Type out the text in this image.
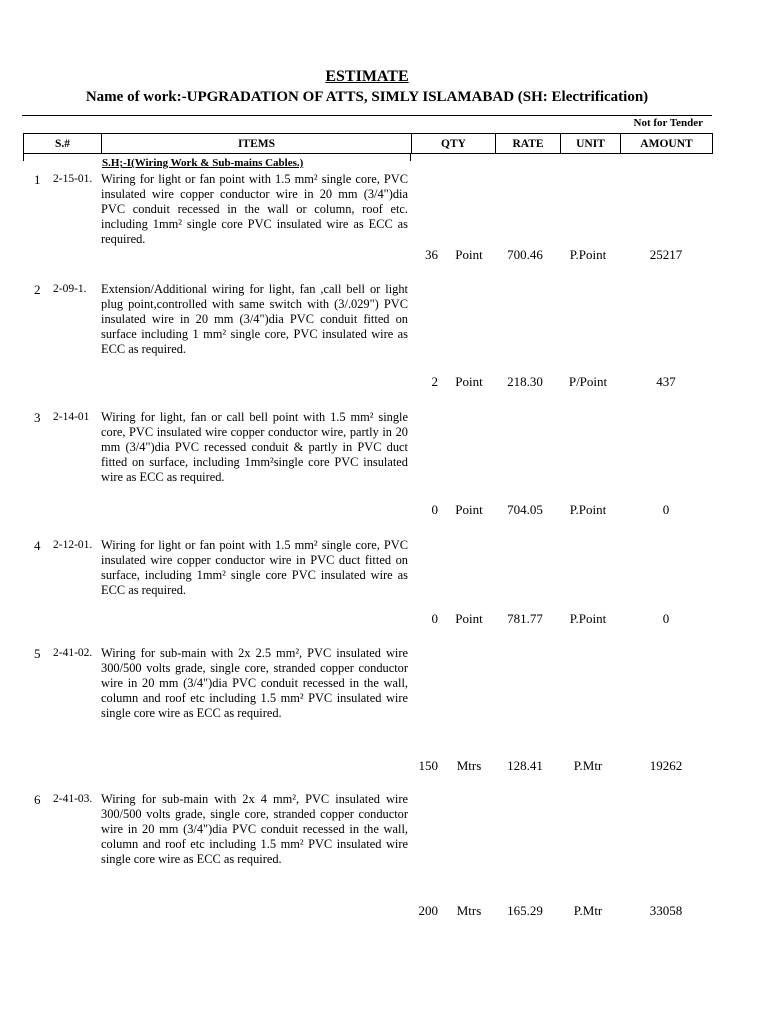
ESTIMATE
Name of work:-UPGRADATION OF ATTS, SIMLY ISLAMABAD (SH: Electrification)
Not for Tender
S.#	ITEMS	QTY	RATE	UNIT	AMOUNT
S.H;-I(Wiring Work & Sub-mains Cables.)
1 2-15-01. Wiring for light or fan point with 1.5 mm² single core, PVC insulated wire copper conductor wire in 20 mm (3/4")dia PVC conduit recessed in the wall or column, roof etc. including 1mm² single core PVC insulated wire as ECC as required.
36	Point	700.46	P.Point	25217
2 2-09-1. Extension/Additional wiring for light, fan ,call bell or light plug point,controlled with same switch with (3/.029") PVC insulated wire in 20 mm (3/4")dia PVC conduit fitted on surface including 1 mm² single core, PVC insulated wire as ECC as required.
2	Point	218.30	P/Point	437
3 2-14-01 Wiring for light, fan or call bell point with 1.5 mm² single core, PVC insulated wire copper conductor wire, partly in 20 mm (3/4")dia PVC recessed conduit & partly in PVC duct fitted on surface, including 1mm²single core PVC insulated wire as ECC as required.
0	Point	704.05	P.Point	0
4 2-12-01. Wiring for light or fan point with 1.5 mm² single core, PVC insulated wire copper conductor wire in PVC duct fitted on surface, including 1mm² single core PVC insulated wire as ECC as required.
0	Point	781.77	P.Point	0
5 2-41-02. Wiring for sub-main with 2x 2.5 mm², PVC insulated wire 300/500 volts grade, single core, stranded copper conductor wire in 20 mm (3/4")dia PVC conduit recessed in the wall, column and roof etc including 1.5 mm² PVC insulated wire single core wire as ECC as required.
150	Mtrs	128.41	P.Mtr	19262
6 2-41-03. Wiring for sub-main with 2x 4 mm², PVC insulated wire 300/500 volts grade, single core, stranded copper conductor wire in 20 mm (3/4")dia PVC conduit recessed in the wall, column and roof etc including 1.5 mm² PVC insulated wire single core wire as ECC as required.
200	Mtrs	165.29	P.Mtr	33058
